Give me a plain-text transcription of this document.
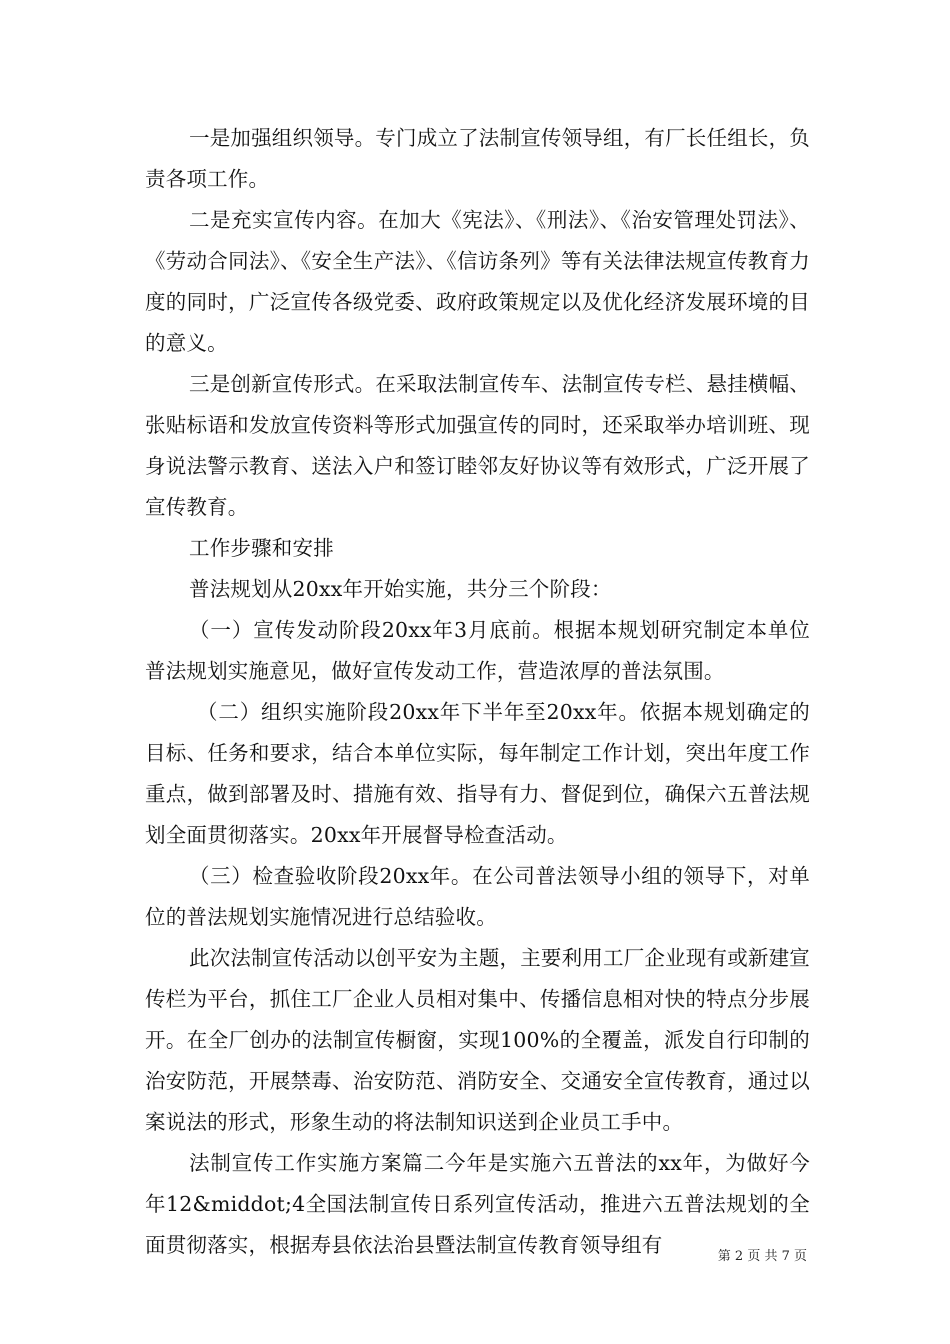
一是加强组织领导。专门成立了法制宣传领导组，有厂长任组长，负责各项工作。

二是充实宣传内容。在加大《宪法》、《刑法》、《治安管理处罚法》、《劳动合同法》、《安全生产法》、《信访条列》等有关法律法规宣传教育力度的同时，广泛宣传各级党委、政府政策规定以及优化经济发展环境的目的意义。

三是创新宣传形式。在采取法制宣传车、法制宣传专栏、悬挂横幅、张贴标语和发放宣传资料等形式加强宣传的同时，还采取举办培训班、现身说法警示教育、送法入户和签订睦邻友好协议等有效形式，广泛开展了宣传教育。

工作步骤和安排

普法规划从20xx年开始实施，共分三个阶段：

（一）宣传发动阶段20xx年3月底前。根据本规划研究制定本单位普法规划实施意见，做好宣传发动工作，营造浓厚的普法氛围。

（二）组织实施阶段20xx年下半年至20xx年。依据本规划确定的目标、任务和要求，结合本单位实际，每年制定工作计划，突出年度工作重点，做到部署及时、措施有效、指导有力、督促到位，确保六五普法规划全面贯彻落实。20xx年开展督导检查活动。

（三）检查验收阶段20xx年。在公司普法领导小组的领导下，对单位的普法规划实施情况进行总结验收。

此次法制宣传活动以创平安为主题，主要利用工厂企业现有或新建宣传栏为平台，抓住工厂企业人员相对集中、传播信息相对快的特点分步展开。在全厂创办的法制宣传橱窗，实现100%的全覆盖，派发自行印制的治安防范，开展禁毒、治安防范、消防安全、交通安全宣传教育，通过以案说法的形式，形象生动的将法制知识送到企业员工手中。

法制宣传工作实施方案篇二今年是实施六五普法的xx年，为做好今年12&middot;4全国法制宣传日系列宣传活动，推进六五普法规划的全面贯彻落实，根据寿县依法治县暨法制宣传教育领导组有	第 2 页 共 7 页
